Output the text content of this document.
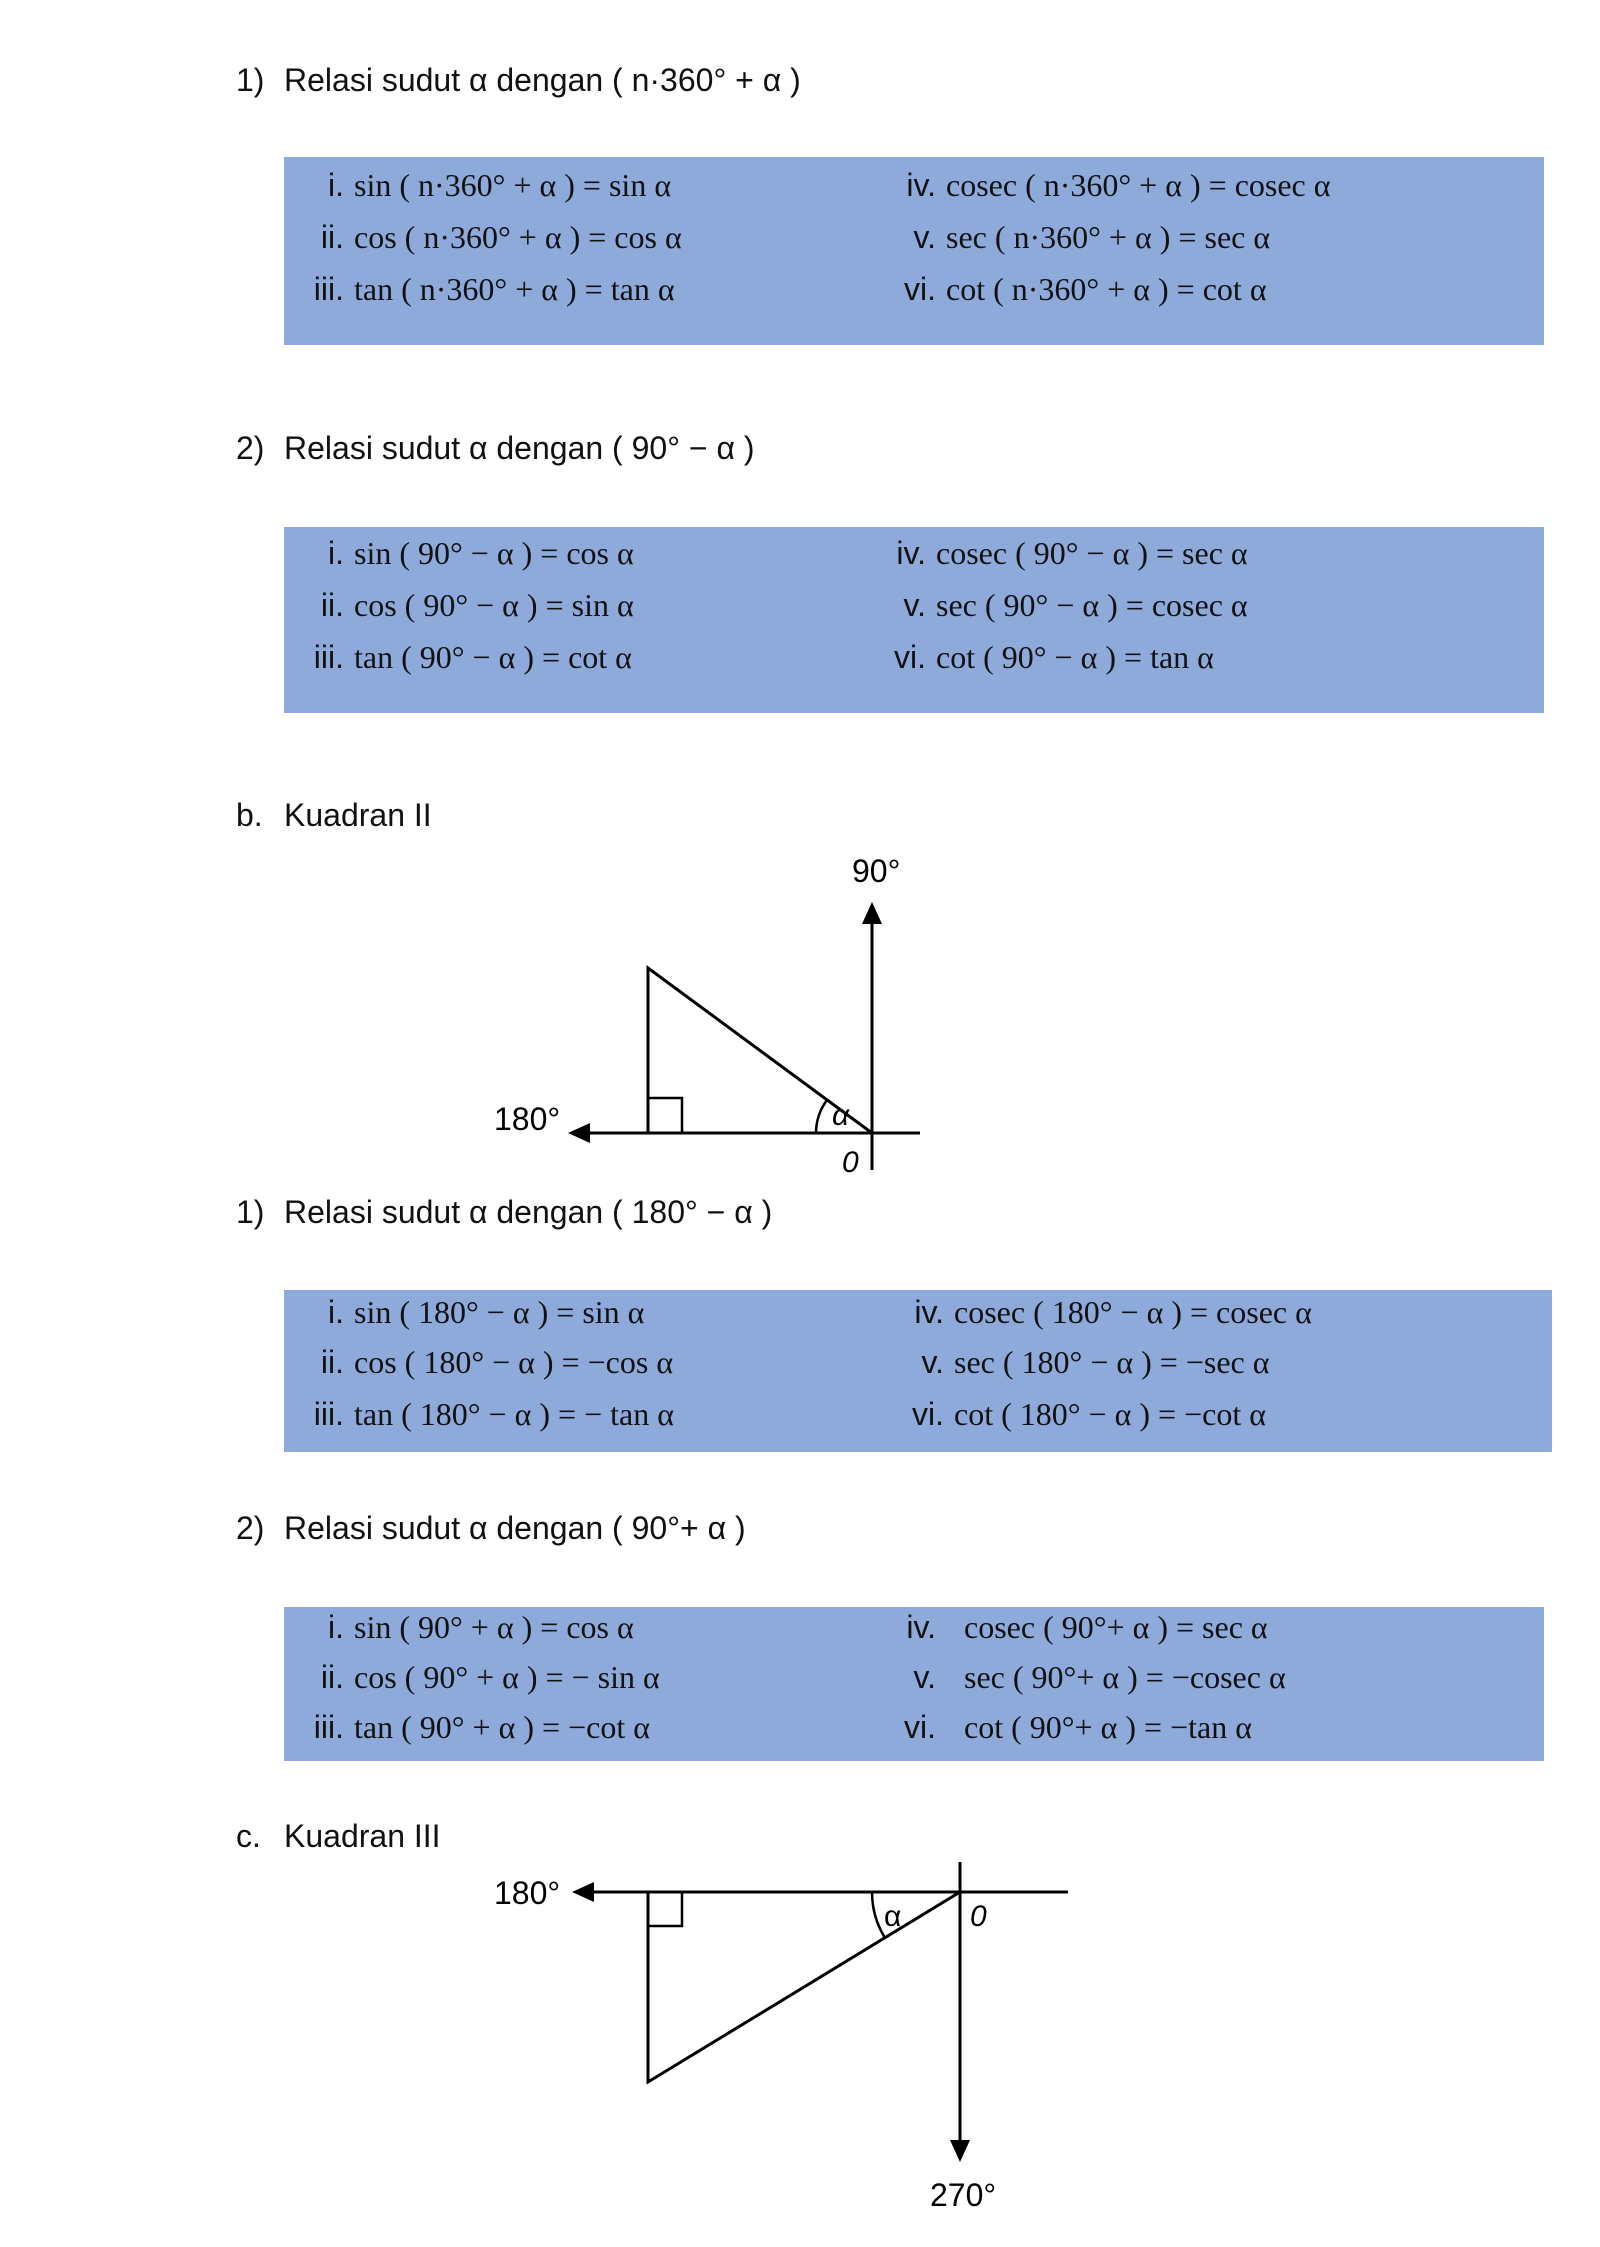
1) Relasi sudut α dengan ( n·360° + α )
i. sin ( n·360° + α ) = sin α
ii. cos ( n·360° + α ) = cos α
iii. tan ( n·360° + α ) = tan α
iv. cosec ( n·360° + α ) = cosec α
v. sec ( n·360° + α ) = sec α
vi. cot ( n·360° + α ) = cot α
2) Relasi sudut α dengan ( 90° − α )
i. sin ( 90° − α ) = cos α
ii. cos ( 90° − α ) = sin α
iii. tan ( 90° − α ) = cot α
iv. cosec ( 90° − α ) = sec α
v. sec ( 90° − α ) = cosec α
vi. cot ( 90° − α ) = tan α
b. Kuadran II
α
90°
180°
0
1) Relasi sudut α dengan ( 180° − α )
i. sin ( 180° − α ) = sin α
ii. cos ( 180° − α ) = −cos α
iii. tan ( 180° − α ) = − tan α
iv. cosec ( 180° − α ) = cosec α
v. sec ( 180° − α ) = −sec α
vi. cot ( 180° − α ) = −cot α
2) Relasi sudut α dengan ( 90°+ α )
i. sin ( 90° + α ) = cos α
ii. cos ( 90° + α ) = − sin α
iii. tan ( 90° + α ) = −cot α
iv. cosec ( 90°+ α ) = sec α
v. sec ( 90°+ α ) = −cosec α
vi. cot ( 90°+ α ) = −tan α
c. Kuadran III
α
180°
0
270°
